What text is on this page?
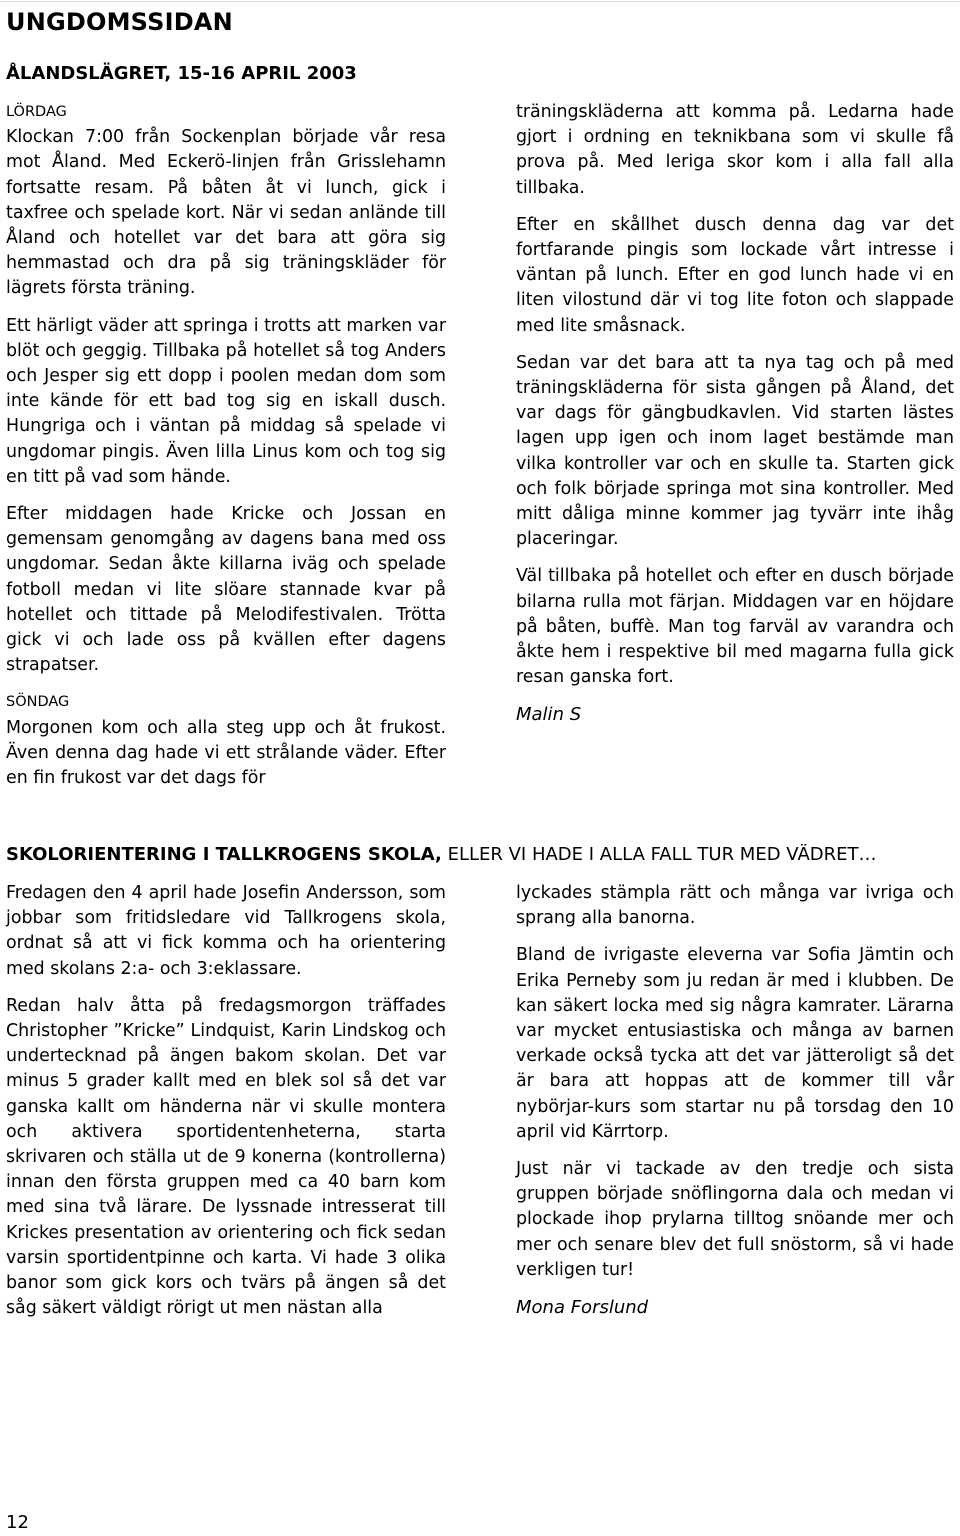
UNGDOMSSIDAN
ÅLANDSLÄGRET, 15-16 APRIL 2003
LÖRDAG

Klockan 7:00 från Sockenplan började vår resa mot Åland. Med Eckerö-linjen från Grisslehamn fortsatte resam. På båten åt vi lunch, gick i taxfree och spelade kort. När vi sedan anlände till Åland och hotellet var det bara att göra sig hemmastad och dra på sig träningskläder för lägrets första träning.

Ett härligt väder att springa i trotts att marken var blöt och geggig. Tillbaka på hotellet så tog Anders och Jesper sig ett dopp i poolen medan dom som inte kände för ett bad tog sig en iskall dusch. Hungriga och i väntan på middag så spelade vi ungdomar pingis. Även lilla Linus kom och tog sig en titt på vad som hände.

Efter middagen hade Kricke och Jossan en gemensam genomgång av dagens bana med oss ungdomar. Sedan åkte killarna iväg och spelade fotboll medan vi lite slöare stannade kvar på hotellet och tittade på Melodifestivalen. Trötta gick vi och lade oss på kvällen efter dagens strapatser.

SÖNDAG

Morgonen kom och alla steg upp och åt frukost. Även denna dag hade vi ett strålande väder. Efter en fin frukost var det dags för

träningskläderna att komma på. Ledarna hade gjort i ordning en teknikbana som vi skulle få prova på. Med leriga skor kom i alla fall alla tillbaka.

Efter en skållhet dusch denna dag var det fortfarande pingis som lockade vårt intresse i väntan på lunch. Efter en god lunch hade vi en liten vilostund där vi tog lite foton och slappade med lite småsnack.

Sedan var det bara att ta nya tag och på med träningskläderna för sista gången på Åland, det var dags för gängbudkavlen. Vid starten lästes lagen upp igen och inom laget bestämde man vilka kontroller var och en skulle ta. Starten gick och folk började springa mot sina kontroller. Med mitt dåliga minne kommer jag tyvärr inte ihåg placeringar.

Väl tillbaka på hotellet och efter en dusch började bilarna rulla mot färjan. Middagen var en höjdare på båten, buffè. Man tog farväl av varandra och åkte hem i respektive bil med magarna fulla gick resan ganska fort.

Malin S
SKOLORIENTERING I TALLKROGENS SKOLA, ELLER VI HADE I ALLA FALL TUR MED VÄDRET…

Fredagen den 4 april hade Josefin Andersson, som jobbar som fritidsledare vid Tallkrogens skola, ordnat så att vi fick komma och ha orientering med skolans 2:a- och 3:eklassare.

Redan halv åtta på fredagsmorgon träffades Christopher ”Kricke” Lindquist, Karin Lindskog och undertecknad på ängen bakom skolan. Det var minus 5 grader kallt med en blek sol så det var ganska kallt om händerna när vi skulle montera och aktivera sportidentenheterna, starta skrivaren och ställa ut de 9 konerna (kontrollerna) innan den första gruppen med ca 40 barn kom med sina två lärare. De lyssnade intresserat till Krickes presentation av orientering och fick sedan varsin sportidentpinne och karta. Vi hade 3 olika banor som gick kors och tvärs på ängen så det såg säkert väldigt rörigt ut men nästan alla

lyckades stämpla rätt och många var ivriga och sprang alla banorna.

Bland de ivrigaste eleverna var Sofia Jämtin och Erika Perneby som ju redan är med i klubben. De kan säkert locka med sig några kamrater. Lärarna var mycket entusiastiska och många av barnen verkade också tycka att det var jätteroligt så det är bara att hoppas att de kommer till vår nybörjar-kurs som startar nu på torsdag den 10 april vid Kärrtorp.

Just när vi tackade av den tredje och sista gruppen började snöflingorna dala och medan vi plockade ihop prylarna tilltog snöande mer och mer och senare blev det full snöstorm, så vi hade verkligen tur!

Mona Forslund
12
